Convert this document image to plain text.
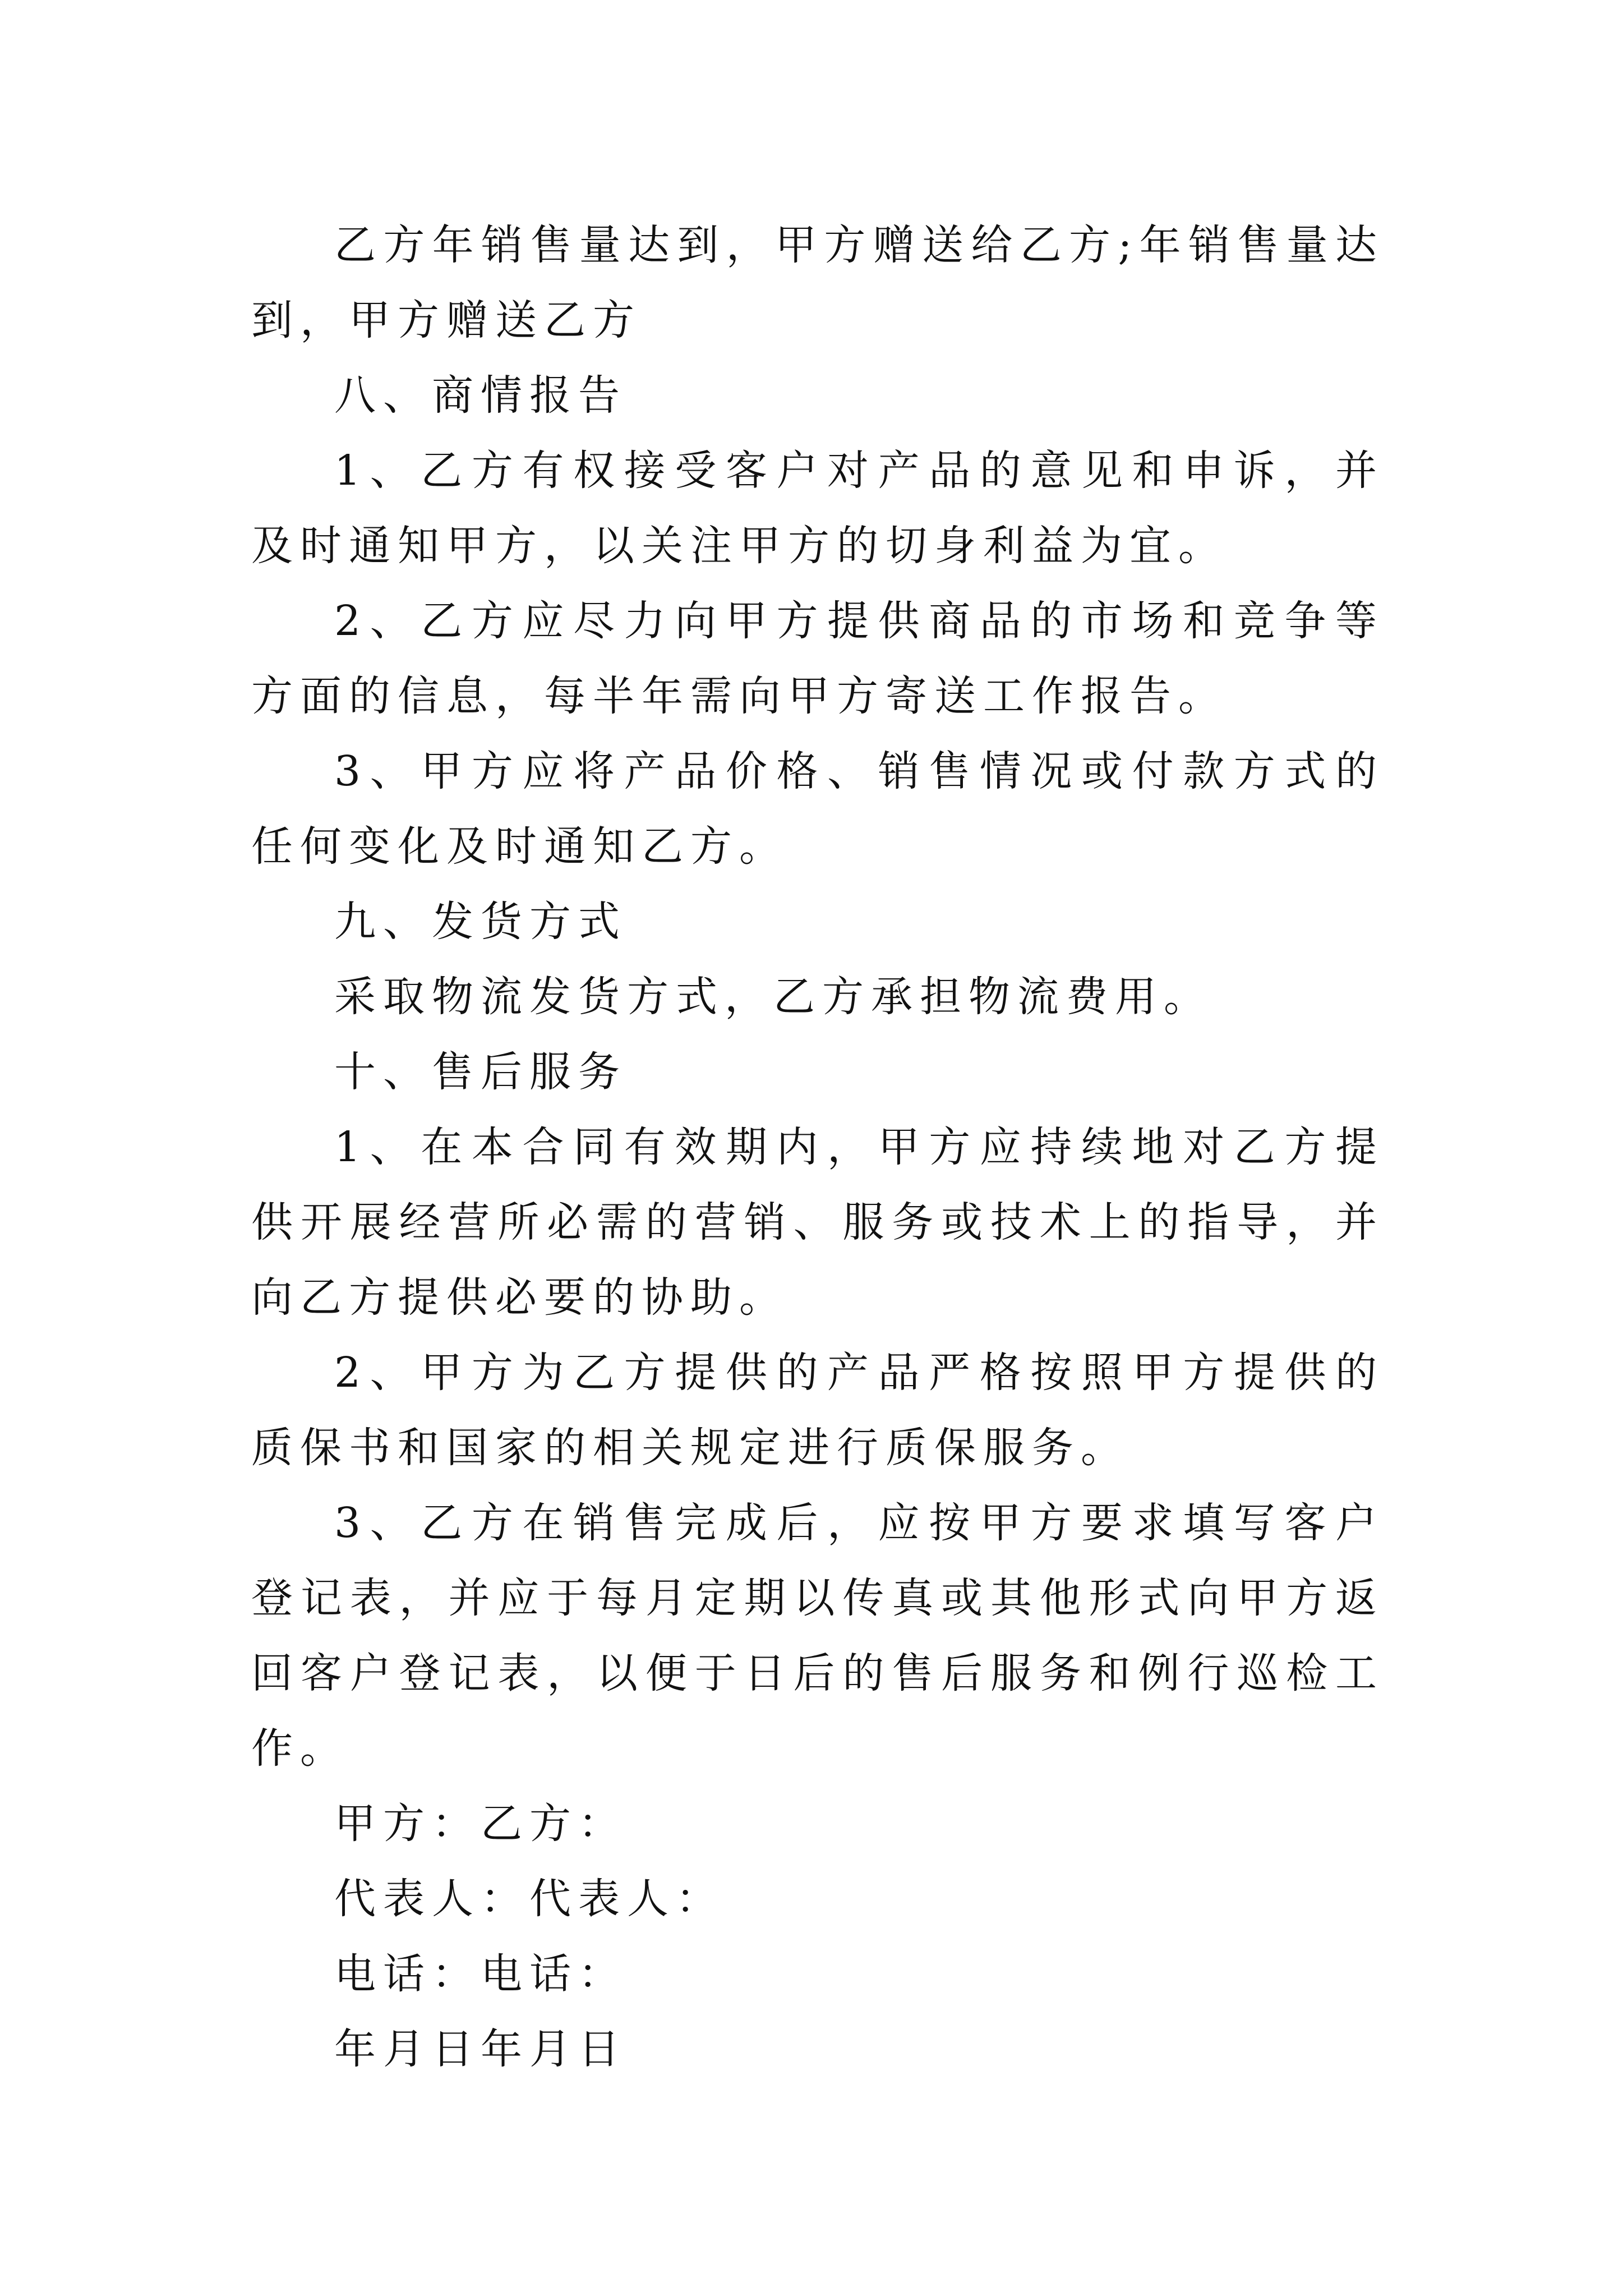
乙方年销售量达到，甲方赠送给乙方;年销售量达到，甲方赠送乙方

八、商情报告

1、乙方有权接受客户对产品的意见和申诉，并及时通知甲方，以关注甲方的切身利益为宜。

2、乙方应尽力向甲方提供商品的市场和竞争等方面的信息，每半年需向甲方寄送工作报告。

3、甲方应将产品价格、销售情况或付款方式的任何变化及时通知乙方。

九、发货方式

采取物流发货方式，乙方承担物流费用。

十、售后服务

1、在本合同有效期内，甲方应持续地对乙方提供开展经营所必需的营销、服务或技术上的指导，并向乙方提供必要的协助。

2、甲方为乙方提供的产品严格按照甲方提供的质保书和国家的相关规定进行质保服务。

3、乙方在销售完成后，应按甲方要求填写客户登记表，并应于每月定期以传真或其他形式向甲方返回客户登记表，以便于日后的售后服务和例行巡检工作。

甲方：乙方：

代表人：代表人：

电话：电话：

年月日年月日
